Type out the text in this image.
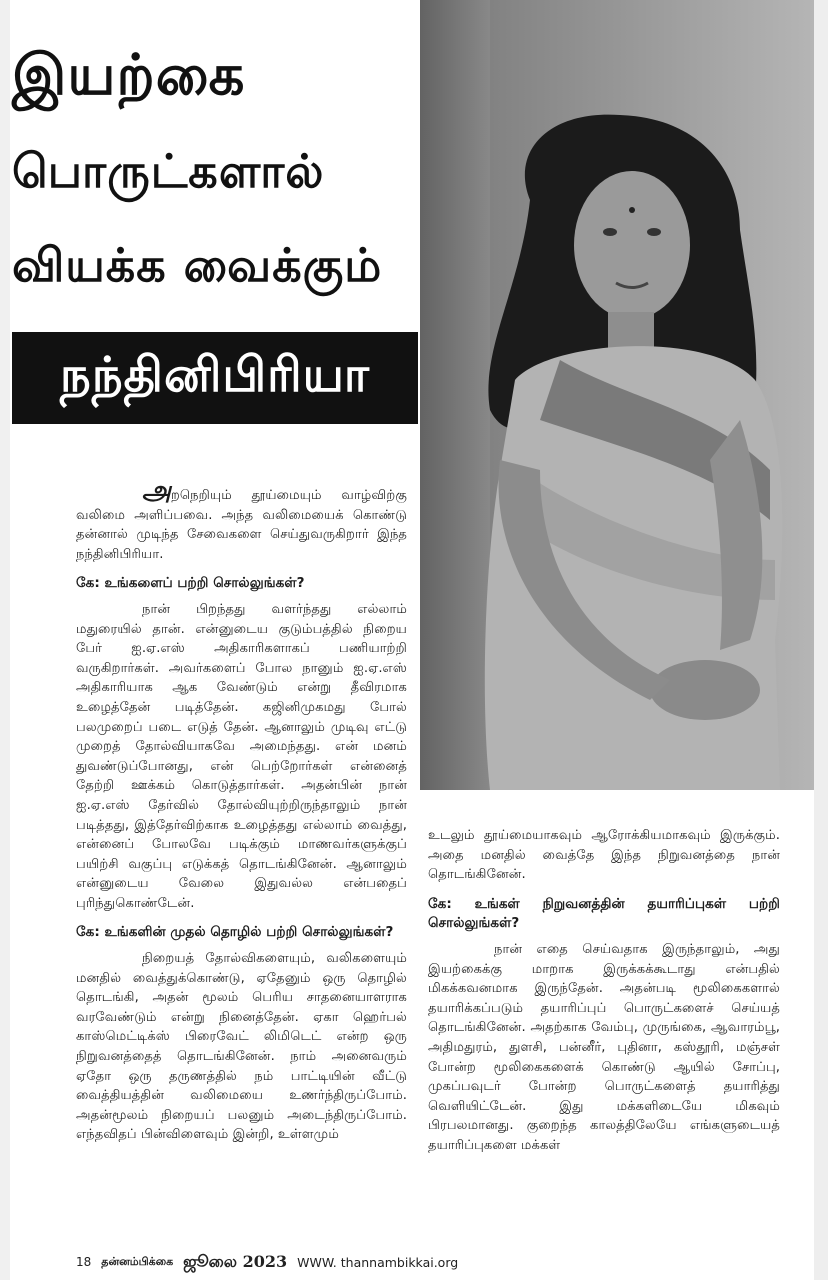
இயற்கை
பொருட்களால்
வியக்க வைக்கும்
நந்தினிபிரியா

அறநெறியும் தூய்மையும் வாழ்விற்கு வலிமை அளிப்பவை. அந்த வலிமையைக் கொண்டு தன்னால் முடிந்த சேவைகளை செய்துவருகிறார் இந்த நந்தினிபிரியா.

கே: உங்களைப் பற்றி சொல்லுங்கள்?

நான் பிறந்தது வளர்ந்தது எல்லாம் மதுரையில் தான். என்னுடைய குடும்பத்தில் நிறைய பேர் ஐ.ஏ.எஸ் அதிகாரிகளாகப் பணியாற்றி வருகிறார்கள். அவர்களைப் போல நானும் ஐ.ஏ.எஸ் அதிகாரியாக ஆக வேண்டும் என்று தீவிரமாக உழைத்தேன் படித்தேன். கஜினிமுகமது போல் பலமுறைப் படை எடுத் தேன். ஆனாலும் முடிவு எட்டு முறைத் தோல்வியாகவே அமைந்தது. என் மனம் துவண்டுப்போனது, என் பெற்றோர்கள் என்னைத் தேற்றி ஊக்கம் கொடுத்தார்கள். அதன்பின் நான் ஐ.ஏ.எஸ் தேர்வில் தோல்வியுற்றிருந்தாலும் நான் படித்தது, இத்தேர்விற்காக உழைத்தது எல்லாம் வைத்து, என்னைப் போலவே படிக்கும் மாணவர்களுக்குப் பயிற்சி வகுப்பு எடுக்கத் தொடங்கினேன். ஆனாலும் என்னுடைய வேலை இதுவல்ல என்பதைப் புரிந்துகொண்டேன்.

கே: உங்களின் முதல் தொழில் பற்றி சொல்லுங்கள்?

நிறையத் தோல்விகளையும், வலிகளையும் மனதில் வைத்துக்கொண்டு, ஏதேனும் ஒரு தொழில் தொடங்கி, அதன் மூலம் பெரிய சாதனையாளராக வரவேண்டும் என்று நினைத்தேன். ஏகா ஹெர்பல் காஸ்மெட்டிக்ஸ் பிரைவேட் லிமிடெட் என்ற ஒரு நிறுவனத்தைத் தொடங்கினேன். நாம் அனைவரும் ஏதோ ஒரு தருணத்தில் நம் பாட்டியின் வீட்டு வைத்தியத்தின் வலிமையை உணர்ந்திருப்போம். அதன்மூலம் நிறையப் பலனும் அடைந்திருப்போம். எந்தவிதப் பின்விளைவும் இன்றி, உள்ளமும்

உடலும் தூய்மையாகவும் ஆரோக்கியமாகவும் இருக்கும். அதை மனதில் வைத்தே இந்த நிறுவனத்தை நான் தொடங்கினேன்.

கே: உங்கள் நிறுவனத்தின் தயாரிப்புகள் பற்றி சொல்லுங்கள்?

நான் எதை செய்வதாக இருந்தாலும், அது இயற்கைக்கு மாறாக இருக்கக்கூடாது என்பதில் மிகக்கவனமாக இருந்தேன். அதன்படி மூலிகைகளால் தயாரிக்கப்படும் தயாரிப்புப் பொருட்களைச் செய்யத் தொடங்கினேன். அதற்காக வேம்பு, முருங்கை, ஆவாரம்பூ, அதிமதுரம், துளசி, பன்னீர், புதினா, கஸ்தூரி, மஞ்சள் போன்ற மூலிகைகளைக் கொண்டு ஆயில் சோப்பு, முகப்பவுடர் போன்ற பொருட்களைத் தயாரித்து வெளியிட்டேன். இது மக்களிடையே மிகவும் பிரபலமானது. குறைந்த காலத்திலேயே எங்களுடையத் தயாரிப்புகளை மக்கள்

18 தன்னம்பிக்கை ஜூலை 2023 WWW. thannambikkai.org
